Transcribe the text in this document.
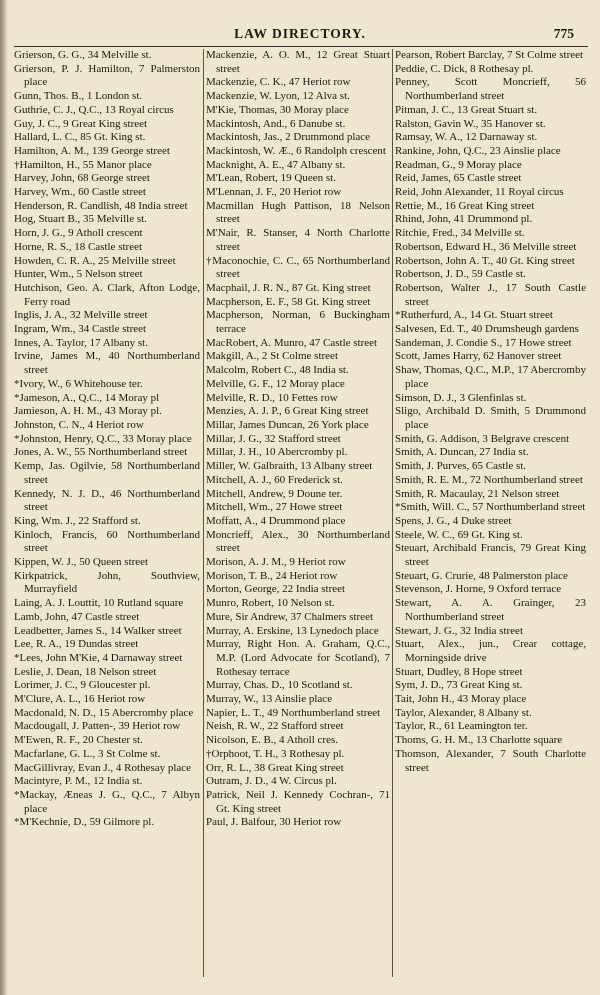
LAW DIRECTORY.	775

Grierson, G. G., 34 Melville st.

Grierson, P. J. Hamilton, 7 Palmerston place

Gunn, Thos. B., 1 London st.

Guthrie, C. J., Q.C., 13 Royal circus

Guy, J. C., 9 Great King street

Hallard, L. C., 85 Gt. King st.

Hamilton, A. M., 139 George street

†Hamilton, H., 55 Manor place

Harvey, John, 68 George street

Harvey, Wm., 60 Castle street

Henderson, R. Candlish, 48 India street

Hog, Stuart B., 35 Melville st.

Horn, J. G., 9 Atholl crescent

Horne, R. S., 18 Castle street

Howden, C. R. A., 25 Melville street

Hunter, Wm., 5 Nelson street

Hutchison, Geo. A. Clark, Afton Lodge, Ferry road

Inglis, J. A., 32 Melville street

Ingram, Wm., 34 Castle street

Innes, A. Taylor, 17 Albany st.

Irvine, James M., 40 Northumberland street

*Ivory, W., 6 Whitehouse ter.

*Jameson, A., Q.C., 14 Moray pl

Jamieson, A. H. M., 43 Moray pl.

Johnston, C. N., 4 Heriot row

*Johnston, Henry, Q.C., 33 Moray place

Jones, A. W., 55 Northumberland street

Kemp, Jas. Ogilvie, 58 Northumberland street

Kennedy, N. J. D., 46 Northumberland street

King, Wm. J., 22 Stafford st.

Kinloch, Francis, 60 Northumberland street

Kippen, W. J., 50 Queen street

Kirkpatrick, John, Southview, Murrayfield

Laing, A. J. Louttit, 10 Rutland square

Lamb, John, 47 Castle street

Leadbetter, James S., 14 Walker street

Lee, R. A., 19 Dundas street

*Lees, John M'Kie, 4 Darnaway street

Leslie, J. Dean, 18 Nelson street

Lorimer, J. C., 9 Gloucester pl.

M'Clure, A. L., 16 Heriot row

Macdonald, N. D., 15 Abercromby place

Macdougall, J. Patten-, 39 Heriot row

M'Ewen, R. F., 20 Chester st.

Macfarlane, G. L., 3 St Colme st.

MacGillivray, Evan J., 4 Rothesay place

Macintyre, P. M., 12 India st.

*Mackay, Æneas J. G., Q.C., 7 Albyn place

*M'Kechnie, D., 59 Gilmore pl.

Mackenzie, A. O. M., 12 Great Stuart street

Mackenzie, C. K., 47 Heriot row

Mackenzie, W. Lyon, 12 Alva st.

M'Kie, Thomas, 30 Moray place

Mackintosh, And., 6 Danube st.

Mackintosh, Jas., 2 Drummond place

Mackintosh, W. Æ., 6 Randolph crescent

Macknight, A. E., 47 Albany st.

M'Lean, Robert, 19 Queen st.

M'Lennan, J. F., 20 Heriot row

Macmillan Hugh Pattison, 18 Nelson street

M'Nair, R. Stanser, 4 North Charlotte street

†Maconochie, C. C., 65 Northumberland street

Macphail, J. R. N., 87 Gt. King street

Macpherson, E. F., 58 Gt. King street

Macpherson, Norman, 6 Buckingham terrace

MacRobert, A. Munro, 47 Castle street

Makgill, A., 2 St Colme street

Malcolm, Robert C., 48 India st.

Melville, G. F., 12 Moray place

Melville, R. D., 10 Fettes row

Menzies, A. J. P., 6 Great King street

Millar, James Duncan, 26 York place

Millar, J. G., 32 Stafford street

Millar, J. H., 10 Abercromby pl.

Miller, W. Galbraith, 13 Albany street

Mitchell, A. J., 60 Frederick st.

Mitchell, Andrew, 9 Doune ter.

Mitchell, Wm., 27 Howe street

Moffatt, A., 4 Drummond place

Moncrieff, Alex., 30 Northumberland street

Morison, A. J. M., 9 Heriot row

Morison, T. B., 24 Heriot row

Morton, George, 22 India street

Munro, Robert, 10 Nelson st.

Mure, Sir Andrew, 37 Chalmers street

Murray, A. Erskine, 13 Lynedoch place

Murray, Right Hon. A. Graham, Q.C., M.P. (Lord Advocate for Scotland), 7 Rothesay terrace

Murray, Chas. D., 10 Scotland st.

Murray, W., 13 Ainslie place

Napier, L. T., 49 Northumberland street

Neish, R. W., 22 Stafford street

Nicolson, E. B., 4 Atholl cres.

†Orphoot, T. H., 3 Rothesay pl.

Orr, R. L., 38 Great King street

Outram, J. D., 4 W. Circus pl.

Patrick, Neil J. Kennedy Cochran-, 71 Gt. King street

Paul, J. Balfour, 30 Heriot row

Pearson, Robert Barclay, 7 St Colme street

Peddie, C. Dick, 8 Rothesay pl.

Penney, Scott Moncrieff, 56 Northumberland street

Pitman, J. C., 13 Great Stuart st.

Ralston, Gavin W., 35 Hanover st.

Ramsay, W. A., 12 Darnaway st.

Rankine, John, Q.C., 23 Ainslie place

Readman, G., 9 Moray place

Reid, James, 65 Castle street

Reid, John Alexander, 11 Royal circus

Rettie, M., 16 Great King street

Rhind, John, 41 Drummond pl.

Ritchie, Fred., 34 Melville st.

Robertson, Edward H., 36 Melville street

Robertson, John A. T., 40 Gt. King street

Robertson, J. D., 59 Castle st.

Robertson, Walter J., 17 South Castle street

*Rutherfurd, A., 14 Gt. Stuart street

Salvesen, Ed. T., 40 Drumsheugh gardens

Sandeman, J. Condie S., 17 Howe street

Scott, James Harry, 62 Hanover street

Shaw, Thomas, Q.C., M.P., 17 Abercromby place

Simson, D. J., 3 Glenfinlas st.

Sligo, Archibald D. Smith, 5 Drummond place

Smith, G. Addison, 3 Belgrave crescent

Smith, A. Duncan, 27 India st.

Smith, J. Purves, 65 Castle st.

Smith, R. E. M., 72 Northumberland street

Smith, R. Macaulay, 21 Nelson street

*Smith, Will. C., 57 Northumberland street

Spens, J. G., 4 Duke street

Steele, W. C., 69 Gt. King st.

Steuart, Archibald Francis, 79 Great King street

Steuart, G. Crurie, 48 Palmerston place

Stevenson, J. Horne, 9 Oxford terrace

Stewart, A. A. Grainger, 23 Northumberland street

Stewart, J. G., 32 India street

Stuart, Alex., jun., Crear cottage, Morningside drive

Stuart, Dudley, 8 Hope street

Sym, J. D., 73 Great King st.

Tait, John H., 43 Moray place

Taylor, Alexander, 8 Albany st.

Taylor, R., 61 Leamington ter.

Thoms, G. H. M., 13 Charlotte square

Thomson, Alexander, 7 South Charlotte street
